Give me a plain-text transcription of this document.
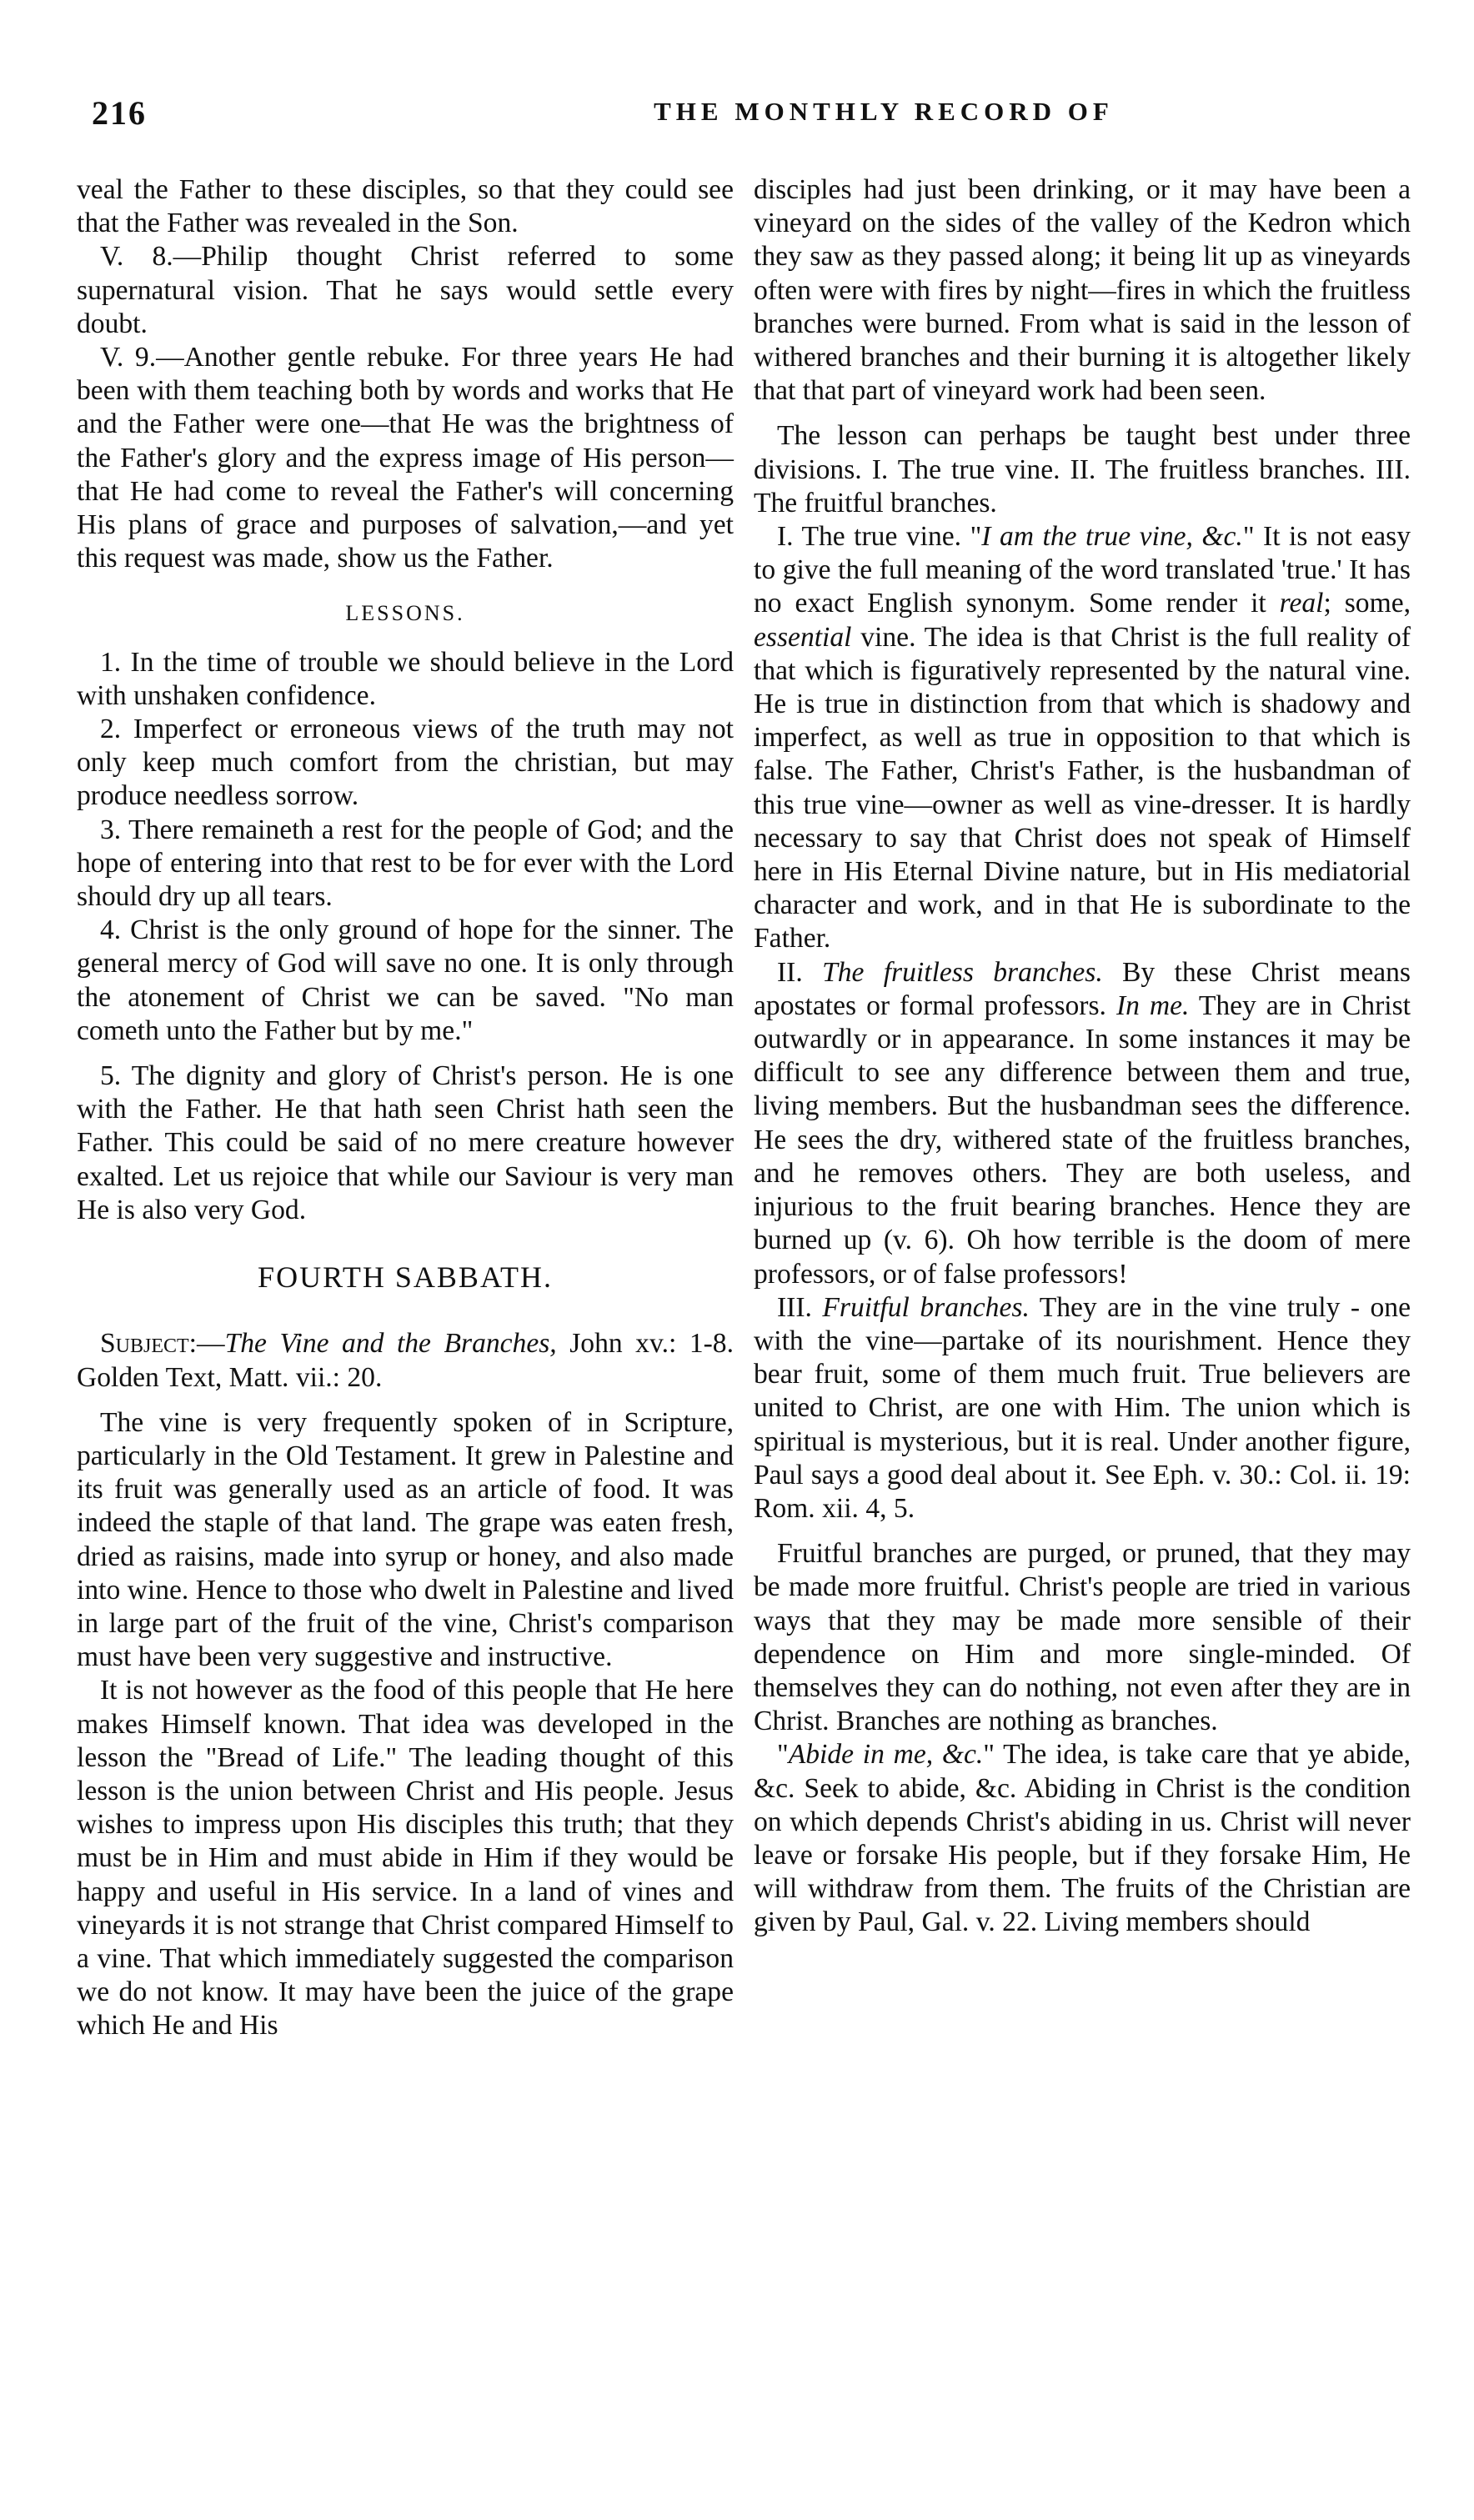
216	THE MONTHLY RECORD OF

veal the Father to these disciples, so that they could see that the Father was revealed in the Son.

V. 8.—Philip thought Christ referred to some supernatural vision. That he says would settle every doubt.

V. 9.—Another gentle rebuke. For three years He had been with them teaching both by words and works that He and the Father were one—that He was the brightness of the Father's glory and the express image of His person—that He had come to reveal the Father's will concerning His plans of grace and purposes of salvation,—and yet this request was made, show us the Father.

LESSONS.

1. In the time of trouble we should believe in the Lord with unshaken confidence.

2. Imperfect or erroneous views of the truth may not only keep much comfort from the christian, but may produce needless sorrow.

3. There remaineth a rest for the people of God; and the hope of entering into that rest to be for ever with the Lord should dry up all tears.

4. Christ is the only ground of hope for the sinner. The general mercy of God will save no one. It is only through the atonement of Christ we can be saved. "No man cometh unto the Father but by me."

5. The dignity and glory of Christ's person. He is one with the Father. He that hath seen Christ hath seen the Father. This could be said of no mere creature however exalted. Let us rejoice that while our Saviour is very man He is also very God.

FOURTH SABBATH.

Subject:—The Vine and the Branches, John xv.: 1-8. Golden Text, Matt. vii.: 20.

The vine is very frequently spoken of in Scripture, particularly in the Old Testament. It grew in Palestine and its fruit was generally used as an article of food. It was indeed the staple of that land. The grape was eaten fresh, dried as raisins, made into syrup or honey, and also made into wine. Hence to those who dwelt in Palestine and lived in large part of the fruit of the vine, Christ's comparison must have been very suggestive and instructive.

It is not however as the food of this people that He here makes Himself known. That idea was developed in the lesson the "Bread of Life." The leading thought of this lesson is the union between Christ and His people. Jesus wishes to impress upon His disciples this truth; that they must be in Him and must abide in Him if they would be happy and useful in His service. In a land of vines and vineyards it is not strange that Christ compared Himself to a vine. That which immediately suggested the comparison we do not know. It may have been the juice of the grape which He and His

disciples had just been drinking, or it may have been a vineyard on the sides of the valley of the Kedron which they saw as they passed along; it being lit up as vineyards often were with fires by night—fires in which the fruitless branches were burned. From what is said in the lesson of withered branches and their burning it is altogether likely that that part of vineyard work had been seen.

The lesson can perhaps be taught best under three divisions. I. The true vine. II. The fruitless branches. III. The fruitful branches.

I. The true vine. "I am the true vine, &c." It is not easy to give the full meaning of the word translated 'true.' It has no exact English synonym. Some render it real; some, essential vine. The idea is that Christ is the full reality of that which is figuratively represented by the natural vine. He is true in distinction from that which is shadowy and imperfect, as well as true in opposition to that which is false. The Father, Christ's Father, is the husbandman of this true vine—owner as well as vine-dresser. It is hardly necessary to say that Christ does not speak of Himself here in His Eternal Divine nature, but in His mediatorial character and work, and in that He is subordinate to the Father.

II. The fruitless branches. By these Christ means apostates or formal professors. In me. They are in Christ outwardly or in appearance. In some instances it may be difficult to see any difference between them and true, living members. But the husbandman sees the difference. He sees the dry, withered state of the fruitless branches, and he removes others. They are both useless, and injurious to the fruit bearing branches. Hence they are burned up (v. 6). Oh how terrible is the doom of mere professors, or of false professors!

III. Fruitful branches. They are in the vine truly - one with the vine—partake of its nourishment. Hence they bear fruit, some of them much fruit. True believers are united to Christ, are one with Him. The union which is spiritual is mysterious, but it is real. Under another figure, Paul says a good deal about it. See Eph. v. 30.: Col. ii. 19: Rom. xii. 4, 5.

Fruitful branches are purged, or pruned, that they may be made more fruitful. Christ's people are tried in various ways that they may be made more sensible of their dependence on Him and more single-minded. Of themselves they can do nothing, not even after they are in Christ. Branches are nothing as branches.

"Abide in me, &c." The idea, is take care that ye abide, &c. Seek to abide, &c. Abiding in Christ is the condition on which depends Christ's abiding in us. Christ will never leave or forsake His people, but if they forsake Him, He will withdraw from them. The fruits of the Christian are given by Paul, Gal. v. 22. Living members should
